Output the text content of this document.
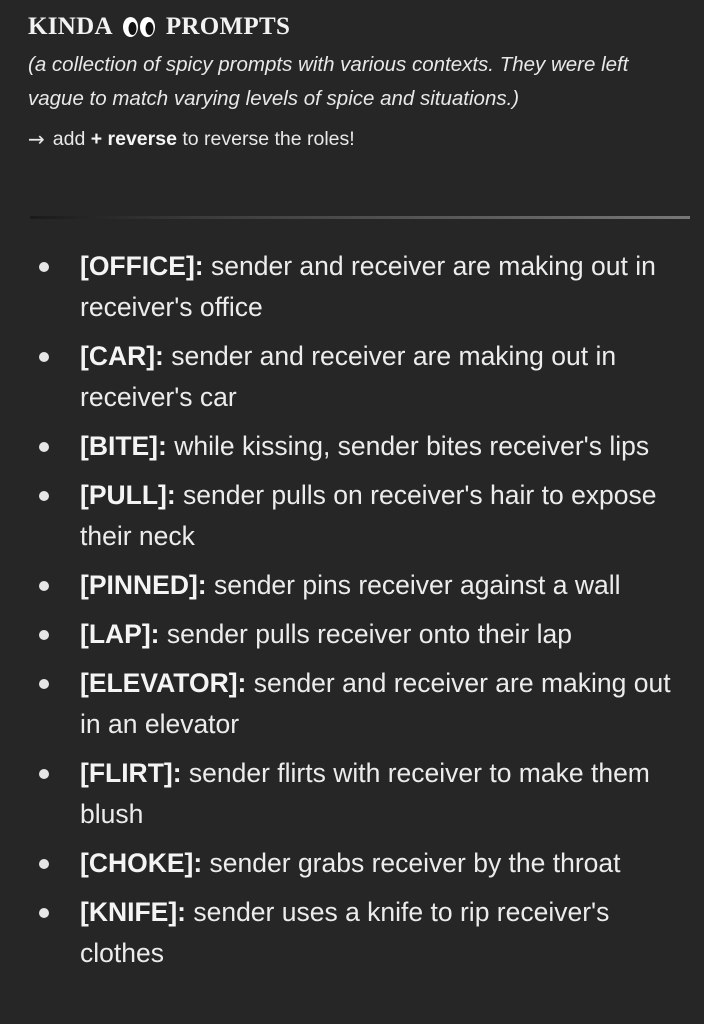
KINDA PROMPTS
(a collection of spicy prompts with various contexts. They were left vague to match varying levels of spice and situations.)
→ add + reverse to reverse the roles!
[OFFICE]: sender and receiver are making out in receiver's office
[CAR]: sender and receiver are making out in receiver's car
[BITE]: while kissing, sender bites receiver's lips
[PULL]: sender pulls on receiver's hair to expose their neck
[PINNED]: sender pins receiver against a wall
[LAP]: sender pulls receiver onto their lap
[ELEVATOR]: sender and receiver are making out in an elevator
[FLIRT]: sender flirts with receiver to make them blush
[CHOKE]: sender grabs receiver by the throat
[KNIFE]: sender uses a knife to rip receiver's clothes
